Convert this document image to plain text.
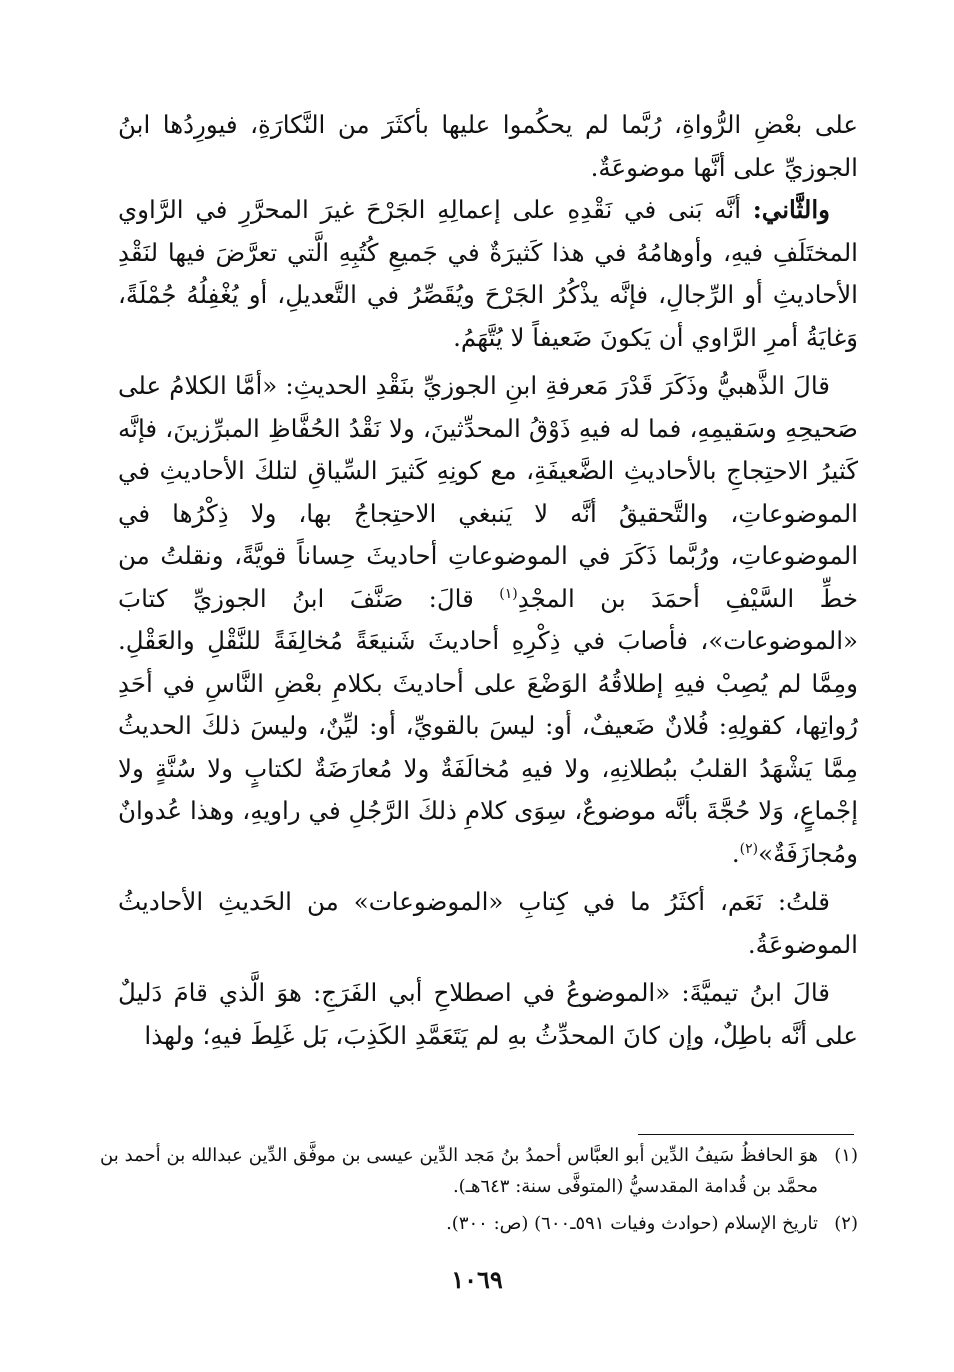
على بعْضِ الرُّواةِ، رُبَّما لم يحكُموا عليها بأكثَرَ من النَّكارَةِ، فيورِدُها ابنُ الجوزيِّ على أنَّها موضوعَةٌ.

والثَّاني: أنَّه بَنى في نَقْدِهِ على إعمالِهِ الجَرْحَ غيرَ المحرَّرِ في الرَّاوي المختَلَفِ فيهِ، وأوهامُهُ في هذا كَثيرَةٌ في جَميعِ كُتُبِهِ الَّتي تعرَّضَ فيها لنَقْدِ الأحاديثِ أو الرِّجالِ، فإنَّه يذْكُرُ الجَرْحَ ويُقَصِّرُ في التَّعديلِ، أو يُغْفِلُهُ جُمْلَةً، وَغايَةُ أمرِ الرَّاوي أن يَكونَ ضَعيفاً لا يُتَّهَمُ.

قالَ الذَّهبيُّ وذَكَرَ قَدْرَ مَعرفةِ ابنِ الجوزيِّ بنَقْدِ الحديثِ: «أمَّا الكلامُ على صَحيحِهِ وسَقيمِهِ، فما له فيهِ ذَوْقُ المحدِّثينَ، ولا نَقْدُ الحُفَّاظِ المبرِّزينَ، فإنَّه كَثيرُ الاحتِجاجِ بالأحاديثِ الضَّعيفَةِ، مع كونِهِ كَثيرَ السِّياقِ لتلكَ الأحاديثِ في الموضوعاتِ، والتَّحقيقُ أنَّه لا يَنبغي الاحتِجاجُ بها، ولا ذِكْرُها في الموضوعاتِ، ورُبَّما ذَكَرَ في الموضوعاتِ أحاديثَ حِساناً قويَّةً، ونقلتُ من خطِّ السَّيْفِ أحمَدَ بن المجْدِ$^{(١)}$ قالَ: صَنَّفَ ابنُ الجوزيِّ كتابَ «الموضوعات»، فأصابَ في ذِكْرِهِ أحاديثَ شَنيعَةً مُخالِفَةً للنَّقْلِ والعَقْلِ. ومِمَّا لم يُصِبْ فيهِ إطلاقُهُ الوَضْعَ على أحاديثَ بكلامِ بعْضِ النَّاسِ في أحَدِ رُواتِها، كقولِهِ: فُلانٌ ضَعيفٌ، أو: ليسَ بالقويِّ، أو: ليِّنٌ، وليسَ ذلكَ الحديثُ مِمَّا يَشْهَدُ القلبُ ببُطلانِهِ، ولا فيهِ مُخالَفَةٌ ولا مُعارَضَةٌ لكتابٍ ولا سُنَّةٍ ولا إجْماعٍ، وَلا حُجَّةَ بأنَّه موضوعٌ، سِوَى كلامِ ذلكَ الرَّجُلِ في راويهِ، وهذا عُدوانٌ ومُجازَفَةٌ»$^{(٢)}$.

قلتُ: نَعَم، أكثَرُ ما في كِتابِ «الموضوعات» من الحَديثِ الأحاديثُ الموضوعَةُ.

قالَ ابنُ تيميَّةَ: «الموضوعُ في اصطلاحِ أبي الفَرَجِ: هوَ الَّذي قامَ دَليلٌ على أنَّه باطِلٌ، وإن كانَ المحدِّثُ بهِ لم يَتَعَمَّدِ الكَذِبَ، بَل غَلِطَ فيهِ؛ ولهذا

(١)
هوَ الحافظُ سَيفُ الدِّين أبو العبَّاس أحمدُ بنُ مَجد الدِّين عيسى بن موفَّق الدِّين عبدالله بن أحمد بن محمَّد بن قُدامة المقدسيُّ (المتوفَّى سنة: ٦٤٣هـ).
(٢)
تاريخ الإسلام (حوادث وفيات ٥٩١ـ٦٠٠) (ص: ٣٠٠).
١٠٦٩
